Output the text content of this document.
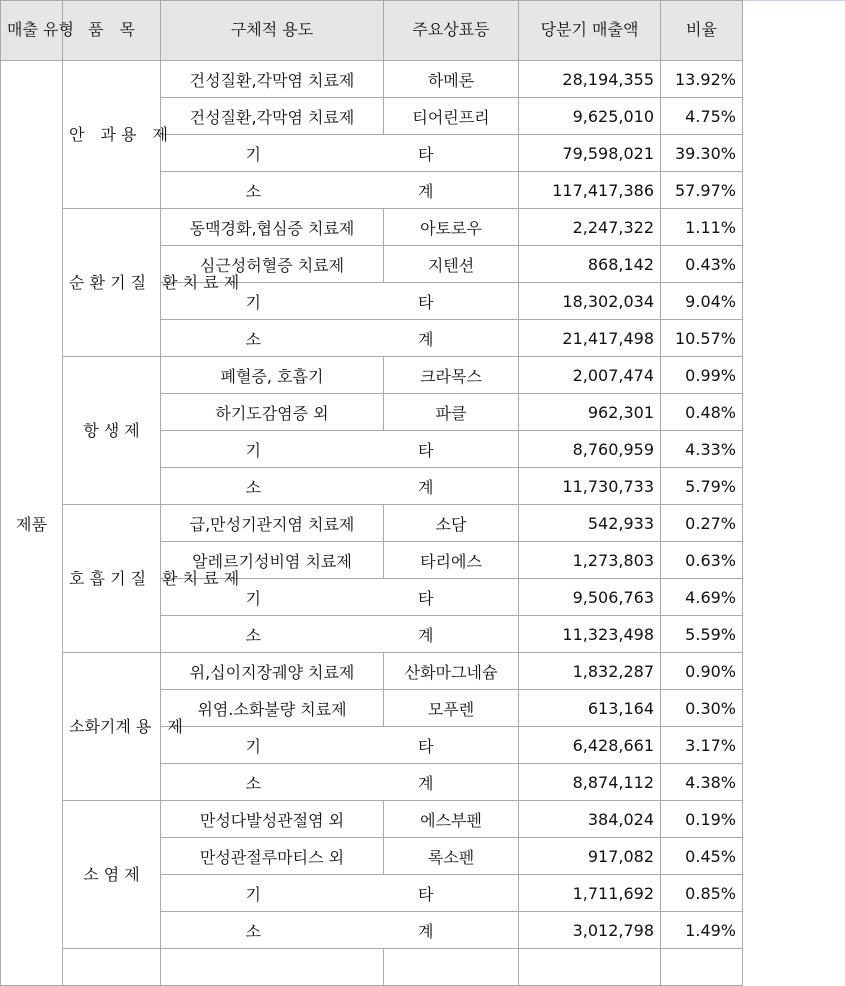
매출 유형	품　목	구체적 용도	주요상표등	당분기 매출액	비율
제품	안　과 용　제	건성질환,각막염 치료제	하메론	28,194,355	13.92%
		건성질환,각막염 치료제	티어린프리	9,625,010	4.75%

		기 타		79,598,021	39.30%

		소 계		117,417,386	57.97%
	순 환 기 질　환 치 료 제	동맥경화,협심증 치료제	아토로우	2,247,322	1.11%
		심근성허혈증 치료제	지텐션	868,142	0.43%

		기 타		18,302,034	9.04%

		소 계		21,417,498	10.57%
	항 생 제	폐혈증, 호흡기	크라목스	2,007,474	0.99%
		하기도감염증 외	파클	962,301	0.48%

		기 타		8,760,959	4.33%

		소 계		11,730,733	5.79%
	호 흡 기 질　환 치 료 제	급,만성기관지염 치료제	소담	542,933	0.27%
		알레르기성비염 치료제	타리에스	1,273,803	0.63%

		기 타		9,506,763	4.69%

		소 계		11,323,498	5.59%
	소화기계 용　제	위,십이지장궤양 치료제	산화마그네슘	1,832,287	0.90%
		위염.소화불량 치료제	모푸렌	613,164	0.30%

		기 타		6,428,661	3.17%

		소 계		8,874,112	4.38%
	소 염 제	만성다발성관절염 외	에스부펜	384,024	0.19%
		만성관절루마티스 외	록소펜	917,082	0.45%

		기 타		1,711,692	0.85%

		소 계		3,012,798	1.49%
